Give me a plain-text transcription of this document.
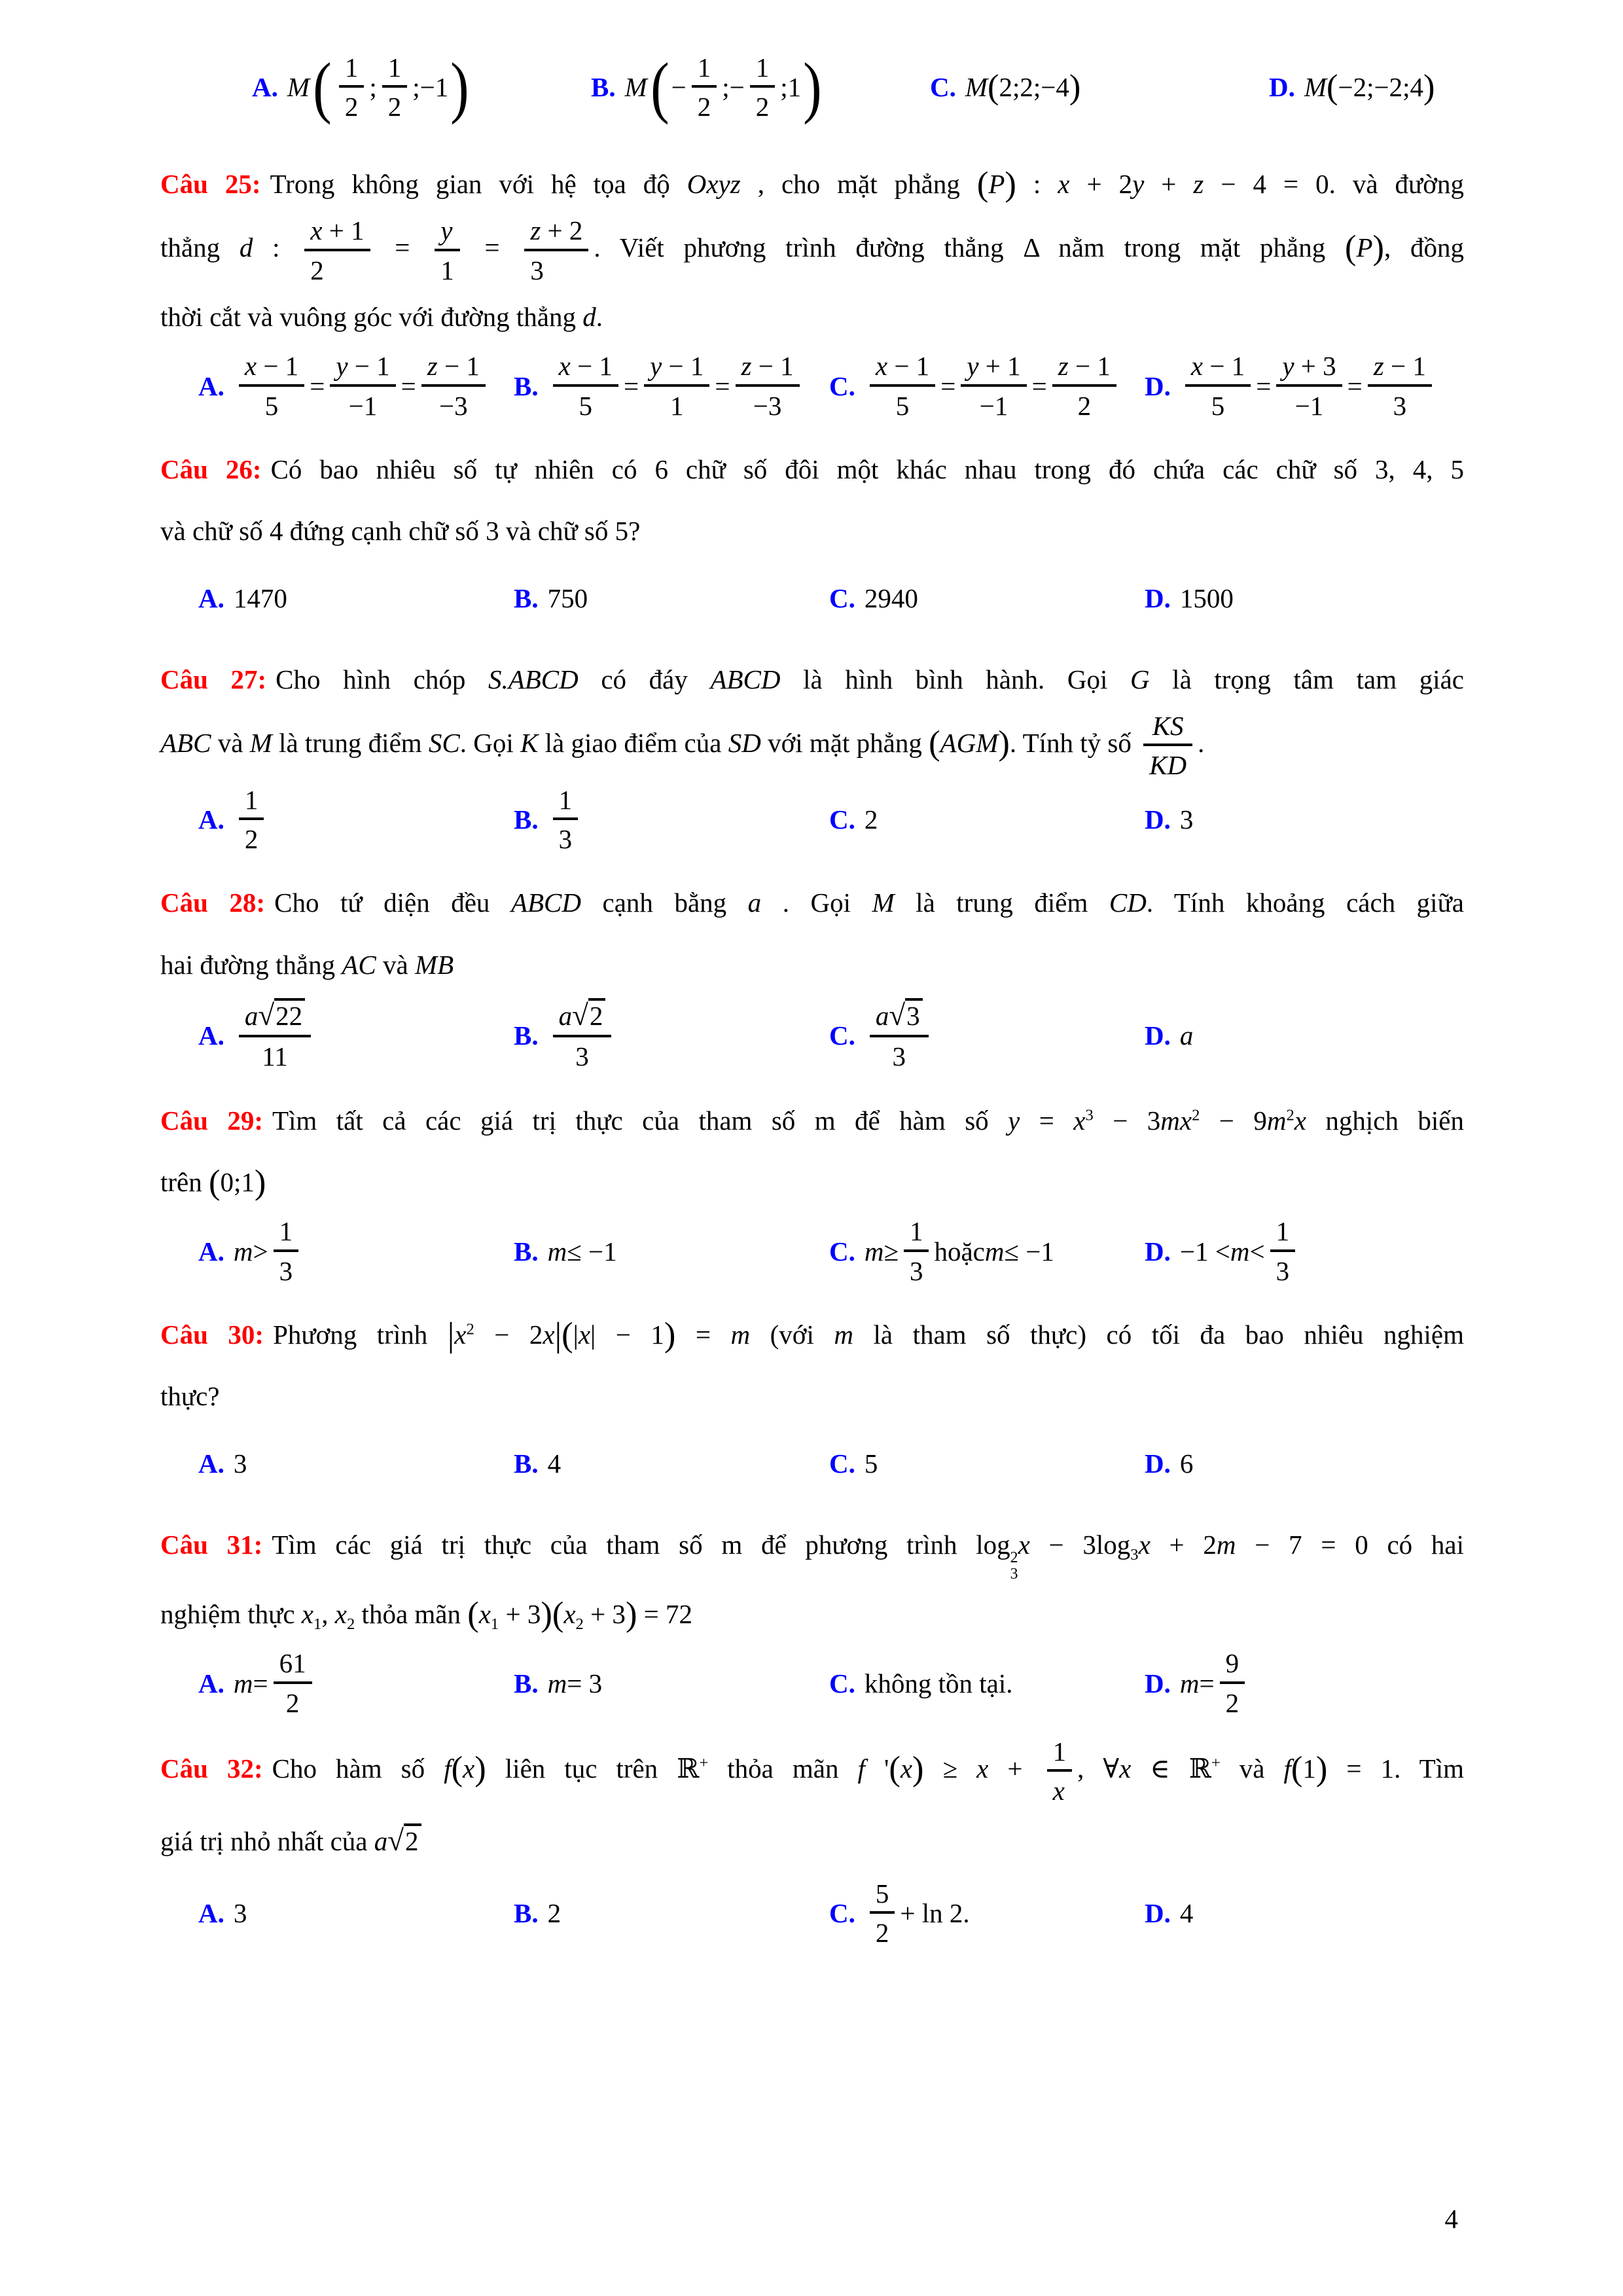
A. M ( $\frac{1}{2}$ ; $\frac{1}{2}$ ;−1 )	B. M ( − $\frac{1}{2}$ ;− $\frac{1}{2}$ ;1 )	C. M ( 2;2;−4 )	D. M ( −2;−2;4 )
Câu 25: Trong không gian với hệ tọa độ Oxyz , cho mặt phẳng (P) : x + 2y + z − 4 = 0. và đường
thẳng d : $\frac{x + 1}{2} = \frac{y}{1} = \frac{z + 2}{3}$ . Viết phương trình đường thẳng Δ nằm trong mặt phẳng (P), đồng
thời cắt và vuông góc với đường thẳng d.
A. $\frac{x - 1}{5} = \frac{y - 1}{-1} = \frac{z - 1}{-3} B$. $\frac{x - 1}{5} = \frac{y - 1}{1} = \frac{z - 1}{-3} C$. $\frac{x - 1}{5} = \frac{y + 1}{-1} = \frac{z - 1}{2} D$. $\frac{x - 1}{5} = \frac{y + 3}{-1} = \frac{z - 1}{3}$
Câu 26: Có bao nhiêu số tự nhiên có 6 chữ số đôi một khác nhau trong đó chứa các chữ số 3, 4, 5
và chữ số 4 đứng cạnh chữ số 3 và chữ số 5?
A. 1470	B. 750	C. 2940	D. 1500
Câu 27: Cho hình chóp S.ABCD có đáy ABCD là hình bình hành. Gọi G là trọng tâm tam giác
ABC và M là trung điểm SC. Gọi K là giao điểm của SD với mặt phẳng (AGM). Tính tỷ số $\frac{KS}{KD}$ .
A. $\frac{1}{2}$	B. $\frac{1}{3}$	C. 2	D. 3
Câu 28: Cho tứ diện đều ABCD cạnh bằng a . Gọi M là trung điểm CD. Tính khoảng cách giữa
hai đường thẳng AC và MB
A. $\frac{a√22}{11}$	B. $\frac{a√2}{3}$	C. $\frac{a√3}{3}$	D. a
Câu 29: Tìm tất cả các giá trị thực của tham số m để hàm số $y = x^3 - 3mx^2 - 9m^2x$ nghịch biến
trên (0;1)
A. $m > \frac{1}{3}$	B. m ≤ −1	C. $m \ge \frac{1}{3}$ hoặc m ≤ −1	D. $-1 < m < \frac{1}{3}$
Câu 30: Phương trình $|x^2 - 2x|(|x| - 1) = m$ (với m là tham số thực) có tối đa bao nhiêu nghiệm
thực?
A. 3	B. 4	C. 5	D. 6
Câu 31: Tìm các giá trị thực của tham số m để phương trình log 2
3
$x - 3\log_3x + 2m - 7 = 0$ có hai
nghiệm thực $x_1$, $x_2$ thỏa mãn $(x_1 + 3)(x_2 + 3) = 72$
A. $m = \frac{61}{2}$	B. m = 3	C. không tồn tại.	D. $m = \frac{9}{2}$
Câu 32: Cho hàm số f(x) liên tục trên ℝ+ thỏa mãn f '$(x) \ge x + \frac{1}{x}$ , ∀x ∈ ℝ+ và f(1) = 1. Tìm
giá trị nhỏ nhất của a√2
A. 3	B. 2	C. $\frac{5}{2} + \ln 2$.	D. 4
4
